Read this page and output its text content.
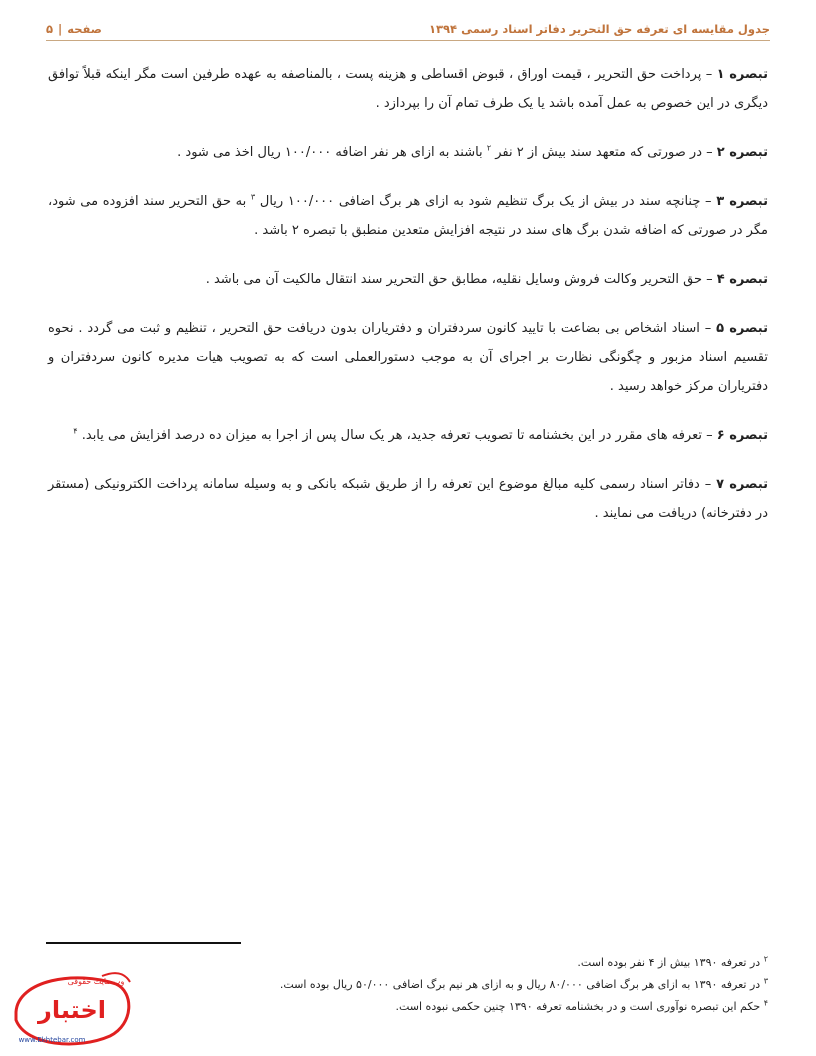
جدول مقایسه ای تعرفه حق التحریر دفاتر اسناد رسمی ۱۳۹۴
صفحه|۵

تبصره ۱ – پرداخت حق التحریر ، قیمت اوراق ، قبوض اقساطی و هزینه پست ، بالمناصفه به عهده طرفین است مگر اینکه قبلاً توافق دیگری در این خصوص به عمل آمده باشد یا یک طرف تمام آن را بپردازد .

تبصره ۲ – در صورتی که متعهد سند بیش از ۲ نفر $^۲$ باشند به ازای هر نفر اضافه ۱۰۰/۰۰۰ ریال اخذ می شود .

تبصره ۳ – چنانچه سند در بیش از یک برگ تنظیم شود به ازای هر برگ اضافی ۱۰۰/۰۰۰ ریال $^۳$ به حق التحریر سند افزوده می شود، مگر در صورتی که اضافه شدن برگ های سند در نتیجه افزایش متعدین منطبق با تبصره ۲ باشد .

تبصره ۴ – حق التحریر وکالت فروش وسایل نقلیه، مطابق حق التحریر سند انتقال مالکیت آن می باشد .

تبصره ۵ – اسناد اشخاص بی بضاعت با تایید کانون سردفتران و دفتریاران بدون دریافت حق التحریر ، تنظیم و ثبت می گردد . نحوه تقسیم اسناد مزبور و چگونگی نظارت بر اجرای آن به موجب دستورالعملی است که به تصویب هیات مدیره کانون سردفتران و دفتریاران مرکز خواهد رسید .

تبصره ۶ – تعرفه های مقرر در این بخشنامه تا تصویب تعرفه جدید، هر یک سال پس از اجرا به میزان ده درصد افزایش می یابد. $^۴$

تبصره ۷ – دفاتر اسناد رسمی کلیه مبالغ موضوع این تعرفه را از طریق شبکه بانکی و به وسیله سامانه پرداخت الکترونیکی (مستقر در دفترخانه) دریافت می نمایند .

$^۲$ در تعرفه ۱۳۹۰ بیش از ۴ نفر بوده است.

$^۳$ در تعرفه ۱۳۹۰ به ازای هر برگ اضافی ۸۰/۰۰۰ ریال و به ازای هر نیم برگ اضافی ۵۰/۰۰۰ ریال بوده است.

$^۴$ حکم این تبصره نوآوری است و در بخشنامه تعرفه ۱۳۹۰ چنین حکمی نبوده است.

وب‌سایت حقوقی
اختبار
www.Ekhtebar.com
